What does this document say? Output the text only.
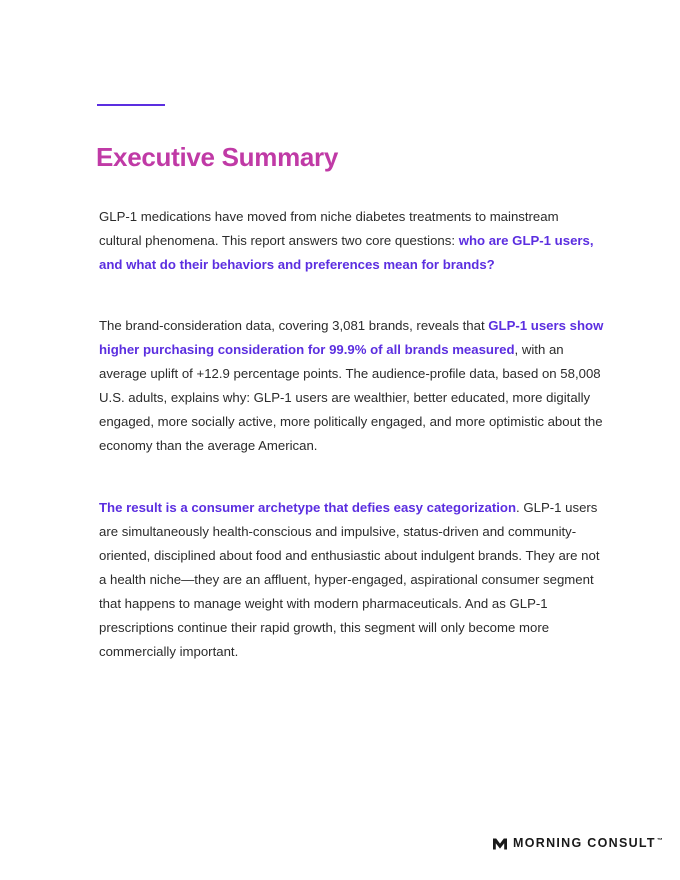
Executive Summary

GLP-1 medications have moved from niche diabetes treatments to mainstream cultural phenomena. This report answers two core questions: who are GLP-1 users, and what do their behaviors and preferences mean for brands?

The brand-consideration data, covering 3,081 brands, reveals that GLP-1 users show higher purchasing consideration for 99.9% of all brands measured, with an average uplift of +12.9 percentage points. The audience-profile data, based on 58,008 U.S. adults, explains why: GLP-1 users are wealthier, better educated, more digitally engaged, more socially active, more politically engaged, and more optimistic about the economy than the average American.

The result is a consumer archetype that defies easy categorization. GLP-1 users are simultaneously health-conscious and impulsive, status-driven and community-oriented, disciplined about food and enthusiastic about indulgent brands. They are not a health niche—they are an affluent, hyper-engaged, aspirational consumer segment that happens to manage weight with modern pharmaceuticals. And as GLP-1 prescriptions continue their rapid growth, this segment will only become more commercially important.

MORNING CONSULT™
